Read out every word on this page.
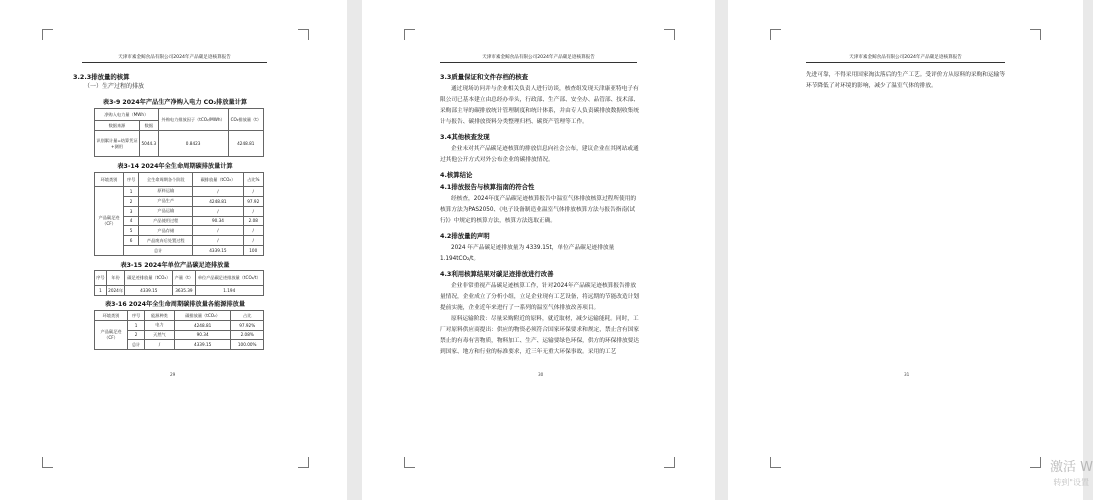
天津市素金鲸食品有限公司2024年产品碳足迹核算报告
3.2.3排放量的核算
（一）生产过程的排放
表3-9 2024年产品生产净购入电力 CO₂排放量计算
净购入电力量（MWh）		外购电力排放因子（tCO₂/MWh）	CO₂排放量（t）
数据来源	数据		
识别累计量=结算凭证+测用	5044.3	0.8423	4248.81
表3-14 2024年全生命周期碳排放量计算
环境类别	序号	全生命周期各个阶段	碳排放量（tCO₂）	占比%
产品碳足迹（CF）	1	原料运输	/	/
	2	产品生产	4248.81	97.92
	3	产品运输	/	/
	4	产品使用过程	90.34	2.08
	5	产品存储	/	/
	6	产品废弃后处置过程	/	/
	总计		4339.15	100
表3-15 2024年单位产品碳足迹排放量
序号	年份	碳足迹排放量（tCO₂）	产量（t）	单位产品碳足迹排放量（tCO₂/t）
1	2024年	4339.15	3635.39	1.194
表3-16 2024年全生命周期碳排放量各能源排放量
环境类别	序号	能源种类	碳排放量（tCO₂）	占比
产品碳足迹（CF）	1	电力	4248.81	97.92%
	2	天然气	90.34	2.08%
	总计	/	4339.15	100.00%
29
天津市素金鲸食品有限公司2024年产品碳足迹核算报告
3.3质量保证和文件存档的核查
通过现场访问并与企业相关负责人进行访谈，核查组发现天津康亚特电子有限公司已基本建立由总经办牵头，行政部、生产部、安全办、品管部、技术部、采购部主导的碳排放统计管理制度和统计体系，并由专人负责碳排放数据收集统计与报告、碳排放资料分类整理归档、碳资产管理等工作。
3.4其他核查发现
企业未对其产品碳足迹核算的排放信息向社会公布，建议企业在其网站或通过其他公开方式对外公布企业的碳排放情况。
4.核算结论
4.1排放报告与核算指南的符合性
经核查，2024年度产品碳足迹核算报告中温室气体排放核算过程所使用的核算方法为PAS2050、《电子设备制造业温室气体排放核算方法与报告指南(试行)》中规定的核算方法，核算方法选取正确。
4.2排放量的声明
2024 年产品碳足迹排放量为 4339.15t，单位产品碳足迹排放量1.194tCO₂/t。
4.3利用核算结果对碳足迹排放进行改善
企业非常重视产品碳足迹核算工作，针对2024年产品碳足迹核算报告排放量情况，企业成立了分析小组，立足企业现有工艺设备，将远期的节能改造计划提前实施，企业近年来进行了一系列的温室气体排放改善项目。
原料运输阶段：尽量采购附近的原料，就近取材，减少运输能耗。同时，工厂对原料供应商提出：供应的物资必须符合国家环保要求和规定，禁止含有国家禁止的有毒有害物质，物料加工、生产、运输要绿色环保，供方的环保排放要达到国家、地方和行业的标准要求，近三年无重大环保事故。采用的工艺
30
天津市素金鲸食品有限公司2024年产品碳足迹核算报告
先进可靠，不得采用国家淘汰落后的生产工艺。受评价方从原料的采购和运输等环节降低了对环境的影响，减少了温室气体的排放。
31
激活 W
转到"设置
